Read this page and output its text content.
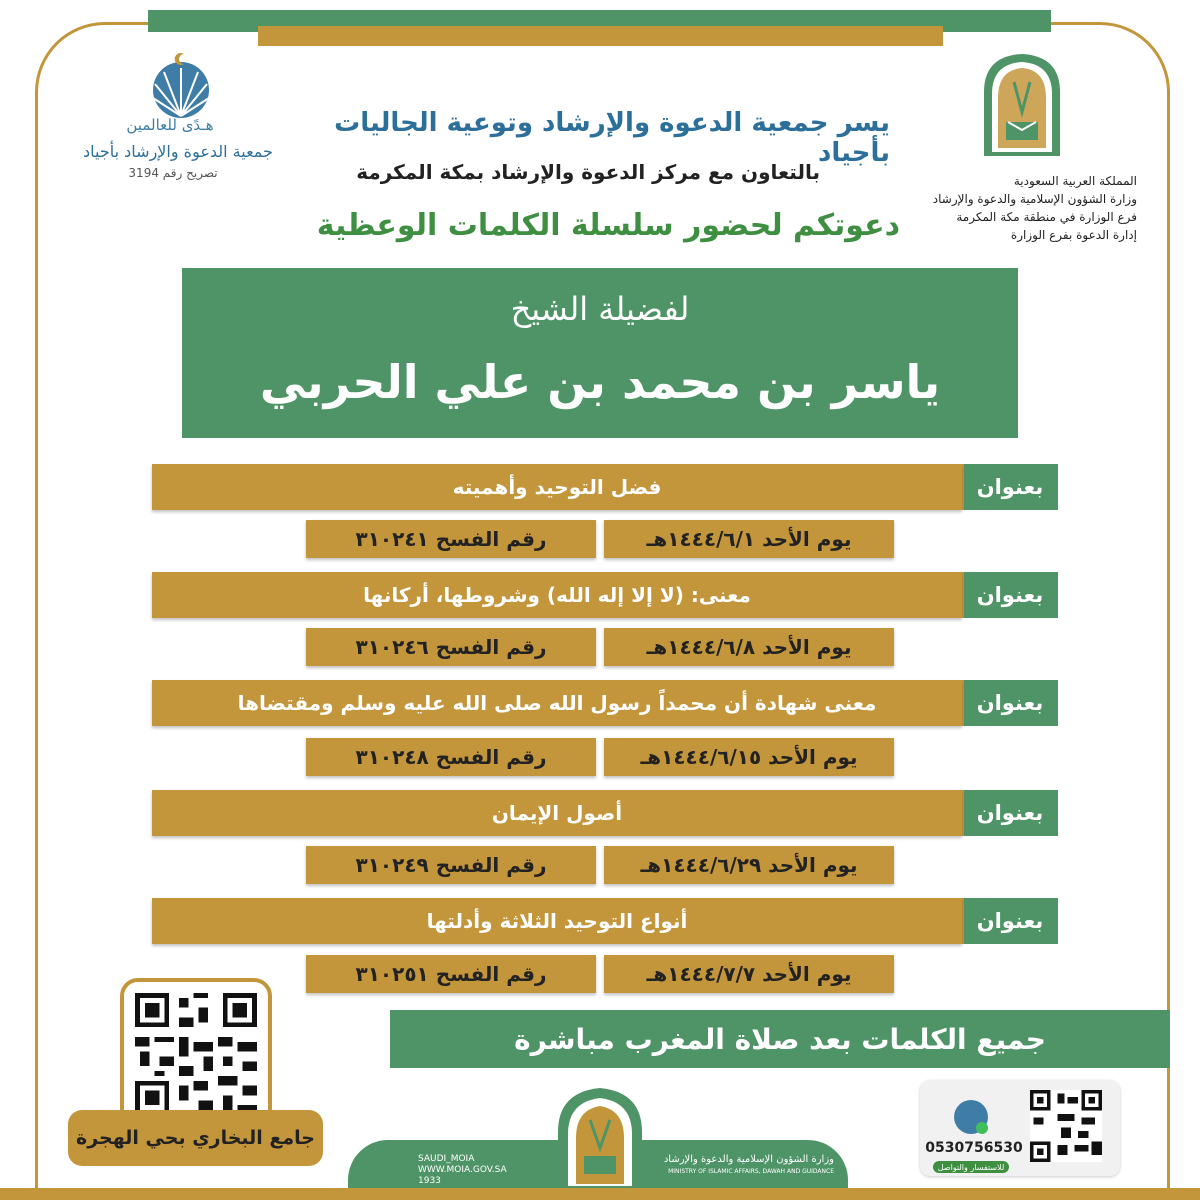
يسر جمعية الدعوة والإرشاد وتوعية الجاليات بأجياد
بالتعاون مع مركز الدعوة والإرشاد بمكة المكرمة
دعوتكم لحضور سلسلة الكلمات الوعظية
المملكة العربية السعودية
وزارة الشؤون الإسلامية والدعوة والإرشاد
فرع الوزارة في منطقة مكة المكرمة
إدارة الدعوة بفرع الوزارة
هـدًى للعالمين
جمعية الدعوة والإرشاد بأجياد
تصريح رقم 3194
لفضيلة الشيخ
ياسر بن محمد بن علي الحربي
بعنوان
فضل التوحيد وأهميته
يوم الأحد ١٤٤٤/٦/١هـ
رقم الفسح ٣١٠٢٤١
بعنوان
معنى: (لا إلا إله الله) وشروطها، أركانها
يوم الأحد ١٤٤٤/٦/٨هـ
رقم الفسح ٣١٠٢٤٦
بعنوان
معنى شهادة أن محمداً رسول الله صلى الله عليه وسلم ومقتضاها
يوم الأحد ١٤٤٤/٦/١٥هـ
رقم الفسح ٣١٠٢٤٨
بعنوان
أصول الإيمان
يوم الأحد ١٤٤٤/٦/٢٩هـ
رقم الفسح ٣١٠٢٤٩
بعنوان
أنواع التوحيد الثلاثة وأدلتها
يوم الأحد ١٤٤٤/٧/٧هـ
رقم الفسح ٣١٠٢٥١
جميع الكلمات بعد صلاة المغرب مباشرة
جامع البخاري بحي الهجرة
SAUDI_MOIA
WWW.MOIA.GOV.SA
1933
وزارة الشؤون الإسلامية والدعوة والإرشاد
MINISTRY OF ISLAMIC AFFAIRS, DAWAH AND GUIDANCE
0530756530
للاستفسار والتواصل
